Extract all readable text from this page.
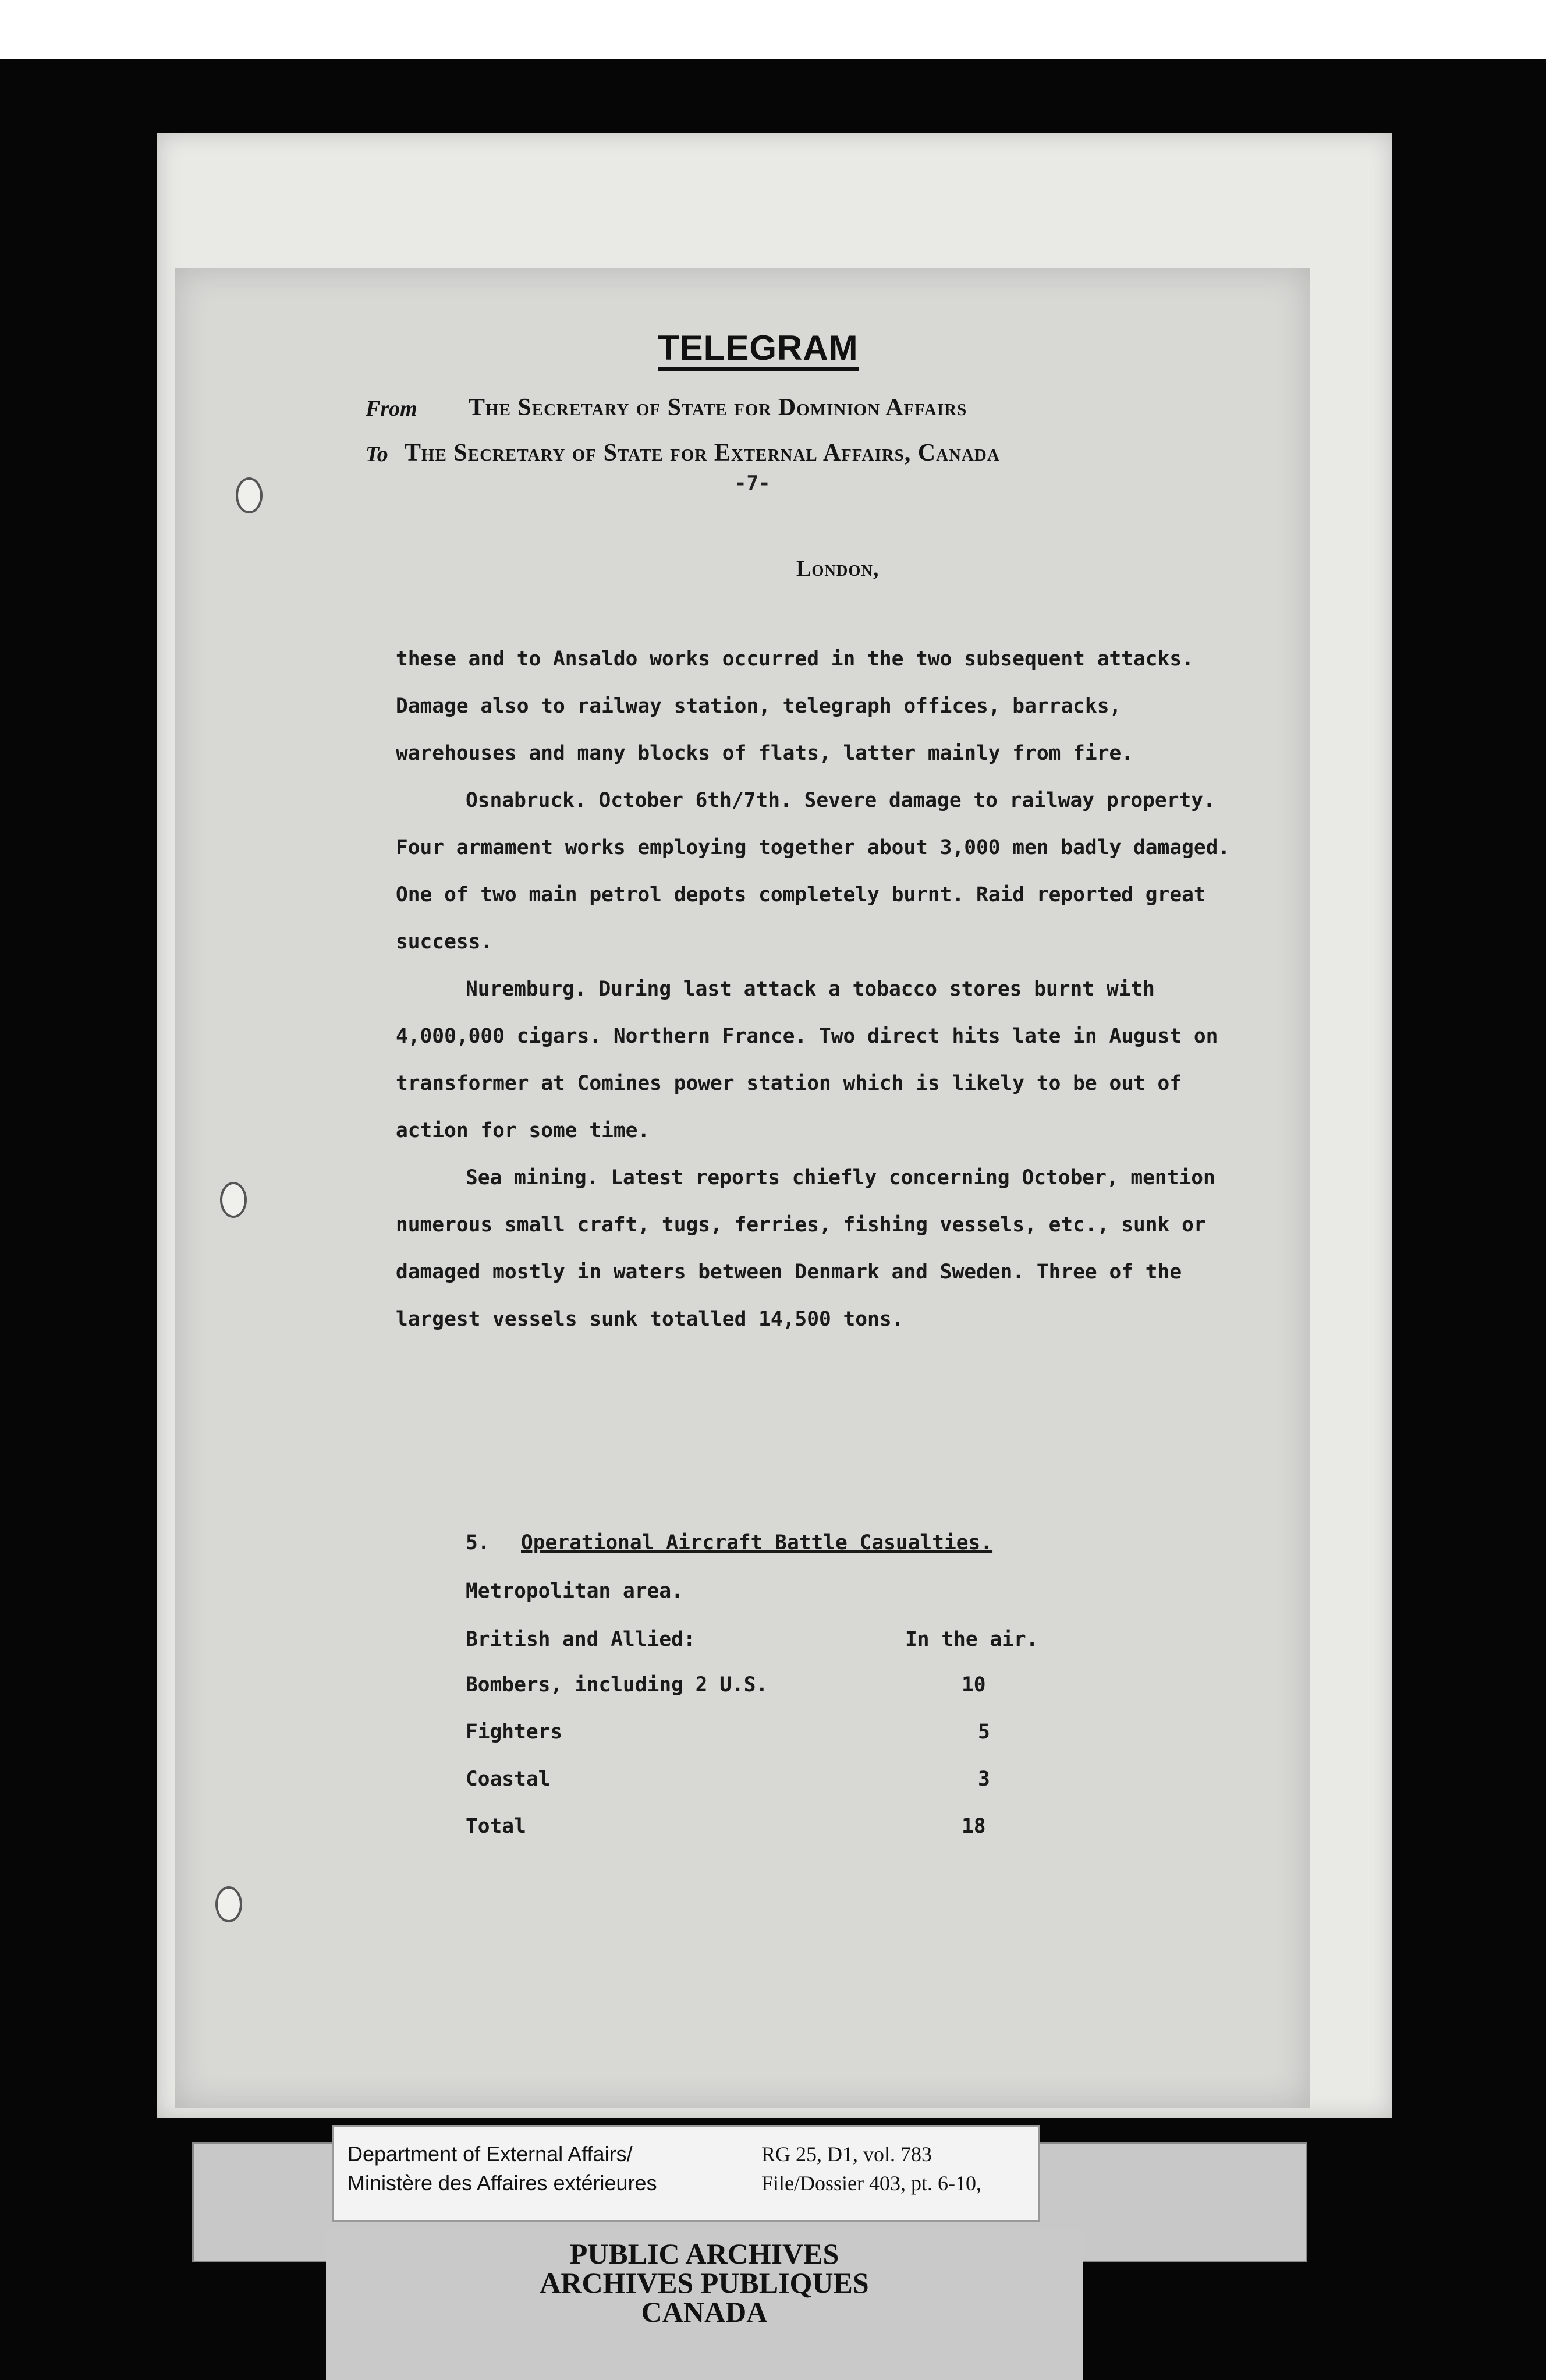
TELEGRAM
From The Secretary of State for Dominion Affairs
To The Secretary of State for External Affairs, Canada
-7-
London,

these and to Ansaldo works occurred in the two subsequent attacks. Damage also to railway station, telegraph offices, barracks, warehouses and many blocks of flats, latter mainly from fire.

Osnabruck. October 6th/7th. Severe damage to railway property. Four armament works employing together about 3,000 men badly damaged. One of two main petrol depots completely burnt. Raid reported great success.

Nuremburg. During last attack a tobacco stores burnt with 4,000,000 cigars. Northern France. Two direct hits late in August on transformer at Comines power station which is likely to be out of action for some time.

Sea mining. Latest reports chiefly concerning October, mention numerous small craft, tugs, ferries, fishing vessels, etc., sunk or damaged mostly in waters between Denmark and Sweden. Three of the largest vessels sunk totalled 14,500 tons.

5. Operational Aircraft Battle Casualties.
Metropolitan area.
British and Allied:	In the air.
Bombers, including 2 U.S.	10
Fighters	5
Coastal	3
Total	18
Department of External Affairs/
Ministère des Affaires extérieures
RG 25, D1, vol. 783
File/Dossier 403, pt. 6-10,
PUBLIC ARCHIVES
ARCHIVES PUBLIQUES
CANADA
